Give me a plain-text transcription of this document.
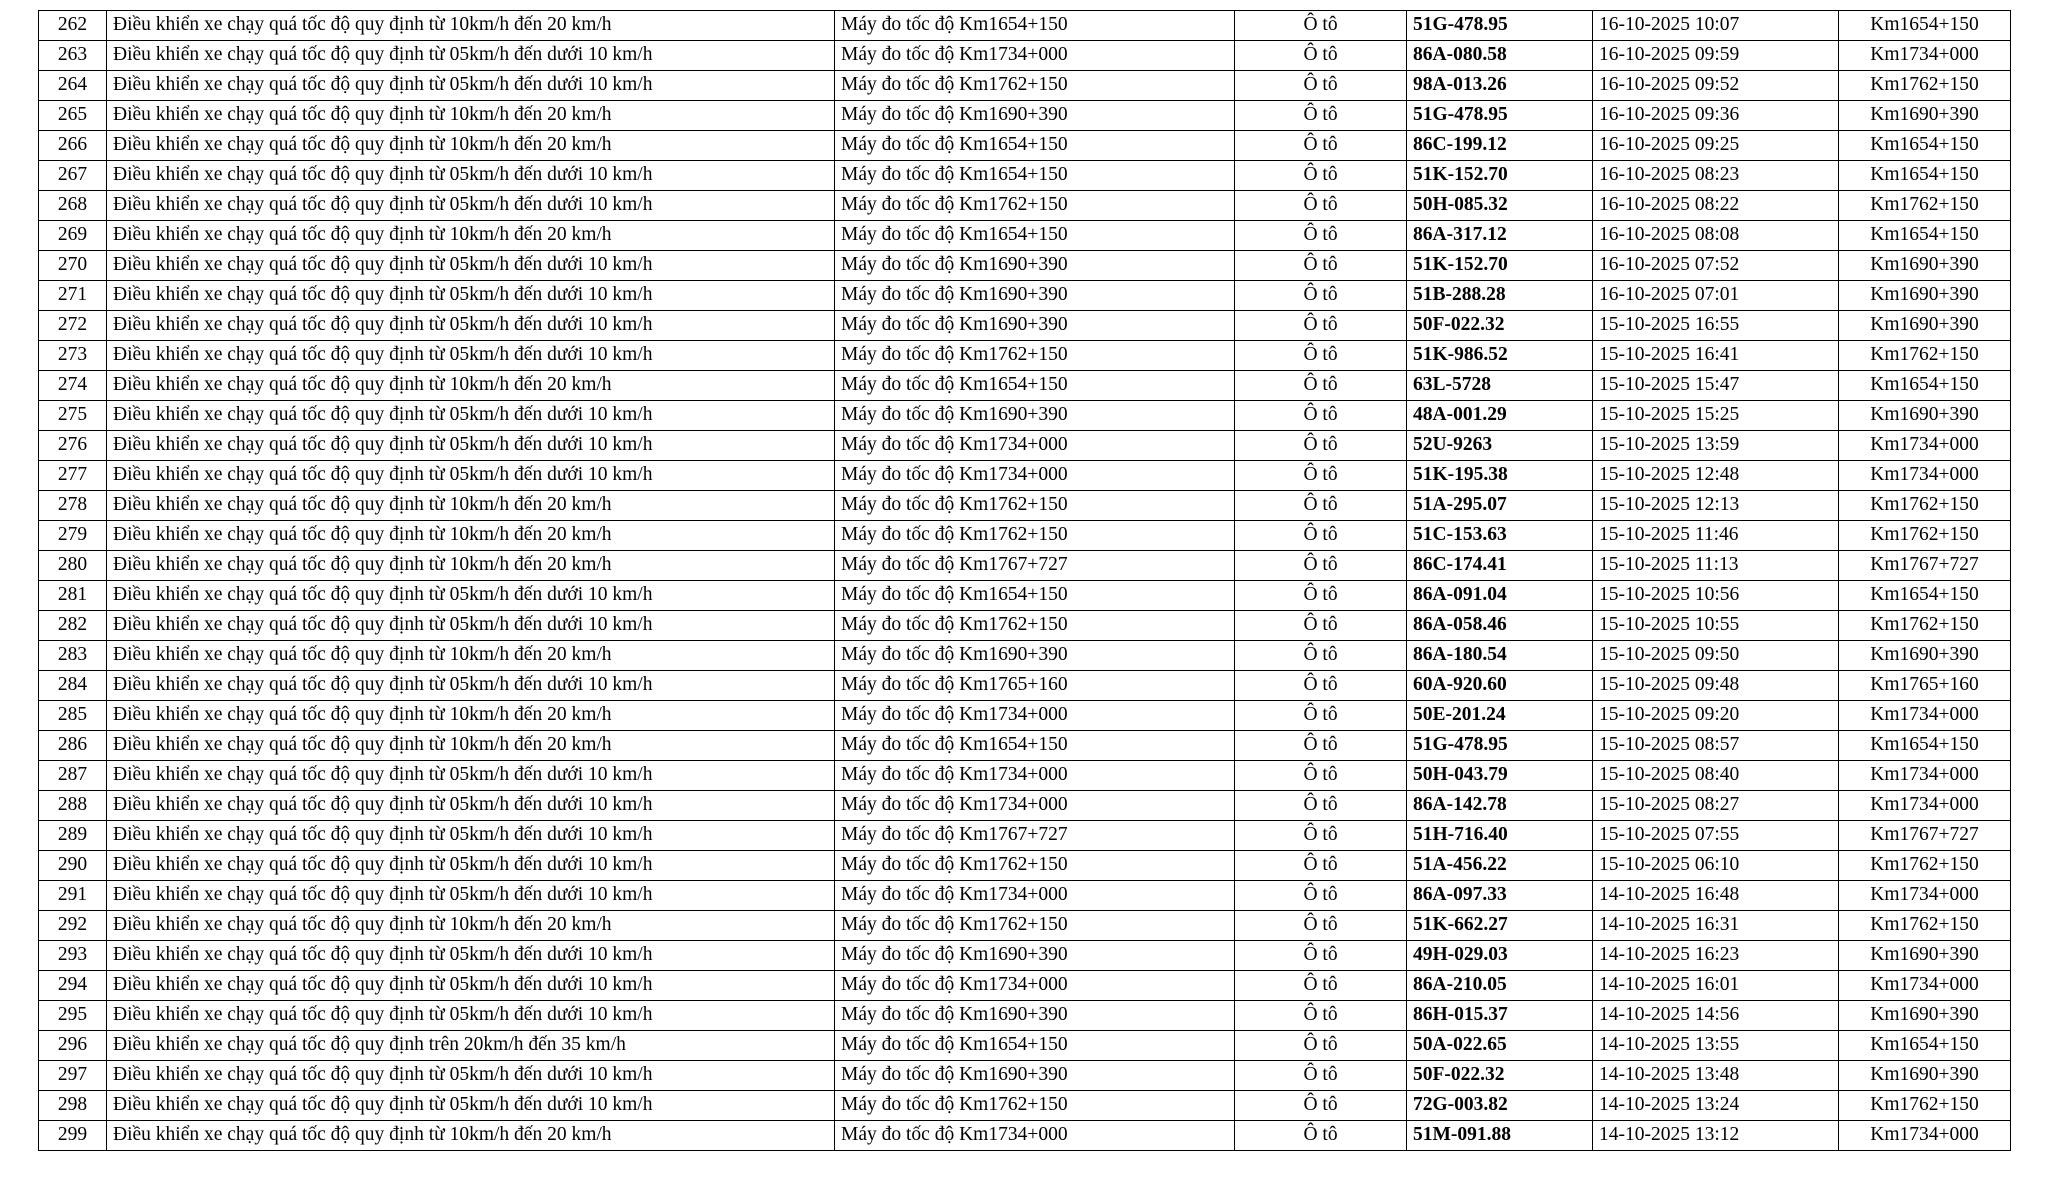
262	Điều khiển xe chạy quá tốc độ quy định từ 10km/h đến 20 km/h	Máy đo tốc độ Km1654+150	Ô tô	51G-478.95	16-10-2025 10:07	Km1654+150
263	Điều khiển xe chạy quá tốc độ quy định từ 05km/h đến dưới 10 km/h	Máy đo tốc độ Km1734+000	Ô tô	86A-080.58	16-10-2025 09:59	Km1734+000
264	Điều khiển xe chạy quá tốc độ quy định từ 05km/h đến dưới 10 km/h	Máy đo tốc độ Km1762+150	Ô tô	98A-013.26	16-10-2025 09:52	Km1762+150
265	Điều khiển xe chạy quá tốc độ quy định từ 10km/h đến 20 km/h	Máy đo tốc độ Km1690+390	Ô tô	51G-478.95	16-10-2025 09:36	Km1690+390
266	Điều khiển xe chạy quá tốc độ quy định từ 10km/h đến 20 km/h	Máy đo tốc độ Km1654+150	Ô tô	86C-199.12	16-10-2025 09:25	Km1654+150
267	Điều khiển xe chạy quá tốc độ quy định từ 05km/h đến dưới 10 km/h	Máy đo tốc độ Km1654+150	Ô tô	51K-152.70	16-10-2025 08:23	Km1654+150
268	Điều khiển xe chạy quá tốc độ quy định từ 05km/h đến dưới 10 km/h	Máy đo tốc độ Km1762+150	Ô tô	50H-085.32	16-10-2025 08:22	Km1762+150
269	Điều khiển xe chạy quá tốc độ quy định từ 10km/h đến 20 km/h	Máy đo tốc độ Km1654+150	Ô tô	86A-317.12	16-10-2025 08:08	Km1654+150
270	Điều khiển xe chạy quá tốc độ quy định từ 05km/h đến dưới 10 km/h	Máy đo tốc độ Km1690+390	Ô tô	51K-152.70	16-10-2025 07:52	Km1690+390
271	Điều khiển xe chạy quá tốc độ quy định từ 05km/h đến dưới 10 km/h	Máy đo tốc độ Km1690+390	Ô tô	51B-288.28	16-10-2025 07:01	Km1690+390
272	Điều khiển xe chạy quá tốc độ quy định từ 05km/h đến dưới 10 km/h	Máy đo tốc độ Km1690+390	Ô tô	50F-022.32	15-10-2025 16:55	Km1690+390
273	Điều khiển xe chạy quá tốc độ quy định từ 05km/h đến dưới 10 km/h	Máy đo tốc độ Km1762+150	Ô tô	51K-986.52	15-10-2025 16:41	Km1762+150
274	Điều khiển xe chạy quá tốc độ quy định từ 10km/h đến 20 km/h	Máy đo tốc độ Km1654+150	Ô tô	63L-5728	15-10-2025 15:47	Km1654+150
275	Điều khiển xe chạy quá tốc độ quy định từ 05km/h đến dưới 10 km/h	Máy đo tốc độ Km1690+390	Ô tô	48A-001.29	15-10-2025 15:25	Km1690+390
276	Điều khiển xe chạy quá tốc độ quy định từ 05km/h đến dưới 10 km/h	Máy đo tốc độ Km1734+000	Ô tô	52U-9263	15-10-2025 13:59	Km1734+000
277	Điều khiển xe chạy quá tốc độ quy định từ 05km/h đến dưới 10 km/h	Máy đo tốc độ Km1734+000	Ô tô	51K-195.38	15-10-2025 12:48	Km1734+000
278	Điều khiển xe chạy quá tốc độ quy định từ 10km/h đến 20 km/h	Máy đo tốc độ Km1762+150	Ô tô	51A-295.07	15-10-2025 12:13	Km1762+150
279	Điều khiển xe chạy quá tốc độ quy định từ 10km/h đến 20 km/h	Máy đo tốc độ Km1762+150	Ô tô	51C-153.63	15-10-2025 11:46	Km1762+150
280	Điều khiển xe chạy quá tốc độ quy định từ 10km/h đến 20 km/h	Máy đo tốc độ Km1767+727	Ô tô	86C-174.41	15-10-2025 11:13	Km1767+727
281	Điều khiển xe chạy quá tốc độ quy định từ 05km/h đến dưới 10 km/h	Máy đo tốc độ Km1654+150	Ô tô	86A-091.04	15-10-2025 10:56	Km1654+150
282	Điều khiển xe chạy quá tốc độ quy định từ 05km/h đến dưới 10 km/h	Máy đo tốc độ Km1762+150	Ô tô	86A-058.46	15-10-2025 10:55	Km1762+150
283	Điều khiển xe chạy quá tốc độ quy định từ 10km/h đến 20 km/h	Máy đo tốc độ Km1690+390	Ô tô	86A-180.54	15-10-2025 09:50	Km1690+390
284	Điều khiển xe chạy quá tốc độ quy định từ 05km/h đến dưới 10 km/h	Máy đo tốc độ Km1765+160	Ô tô	60A-920.60	15-10-2025 09:48	Km1765+160
285	Điều khiển xe chạy quá tốc độ quy định từ 10km/h đến 20 km/h	Máy đo tốc độ Km1734+000	Ô tô	50E-201.24	15-10-2025 09:20	Km1734+000
286	Điều khiển xe chạy quá tốc độ quy định từ 10km/h đến 20 km/h	Máy đo tốc độ Km1654+150	Ô tô	51G-478.95	15-10-2025 08:57	Km1654+150
287	Điều khiển xe chạy quá tốc độ quy định từ 05km/h đến dưới 10 km/h	Máy đo tốc độ Km1734+000	Ô tô	50H-043.79	15-10-2025 08:40	Km1734+000
288	Điều khiển xe chạy quá tốc độ quy định từ 05km/h đến dưới 10 km/h	Máy đo tốc độ Km1734+000	Ô tô	86A-142.78	15-10-2025 08:27	Km1734+000
289	Điều khiển xe chạy quá tốc độ quy định từ 05km/h đến dưới 10 km/h	Máy đo tốc độ Km1767+727	Ô tô	51H-716.40	15-10-2025 07:55	Km1767+727
290	Điều khiển xe chạy quá tốc độ quy định từ 05km/h đến dưới 10 km/h	Máy đo tốc độ Km1762+150	Ô tô	51A-456.22	15-10-2025 06:10	Km1762+150
291	Điều khiển xe chạy quá tốc độ quy định từ 05km/h đến dưới 10 km/h	Máy đo tốc độ Km1734+000	Ô tô	86A-097.33	14-10-2025 16:48	Km1734+000
292	Điều khiển xe chạy quá tốc độ quy định từ 10km/h đến 20 km/h	Máy đo tốc độ Km1762+150	Ô tô	51K-662.27	14-10-2025 16:31	Km1762+150
293	Điều khiển xe chạy quá tốc độ quy định từ 05km/h đến dưới 10 km/h	Máy đo tốc độ Km1690+390	Ô tô	49H-029.03	14-10-2025 16:23	Km1690+390
294	Điều khiển xe chạy quá tốc độ quy định từ 05km/h đến dưới 10 km/h	Máy đo tốc độ Km1734+000	Ô tô	86A-210.05	14-10-2025 16:01	Km1734+000
295	Điều khiển xe chạy quá tốc độ quy định từ 05km/h đến dưới 10 km/h	Máy đo tốc độ Km1690+390	Ô tô	86H-015.37	14-10-2025 14:56	Km1690+390
296	Điều khiển xe chạy quá tốc độ quy định trên 20km/h đến 35 km/h	Máy đo tốc độ Km1654+150	Ô tô	50A-022.65	14-10-2025 13:55	Km1654+150
297	Điều khiển xe chạy quá tốc độ quy định từ 05km/h đến dưới 10 km/h	Máy đo tốc độ Km1690+390	Ô tô	50F-022.32	14-10-2025 13:48	Km1690+390
298	Điều khiển xe chạy quá tốc độ quy định từ 05km/h đến dưới 10 km/h	Máy đo tốc độ Km1762+150	Ô tô	72G-003.82	14-10-2025 13:24	Km1762+150
299	Điều khiển xe chạy quá tốc độ quy định từ 10km/h đến 20 km/h	Máy đo tốc độ Km1734+000	Ô tô	51M-091.88	14-10-2025 13:12	Km1734+000
